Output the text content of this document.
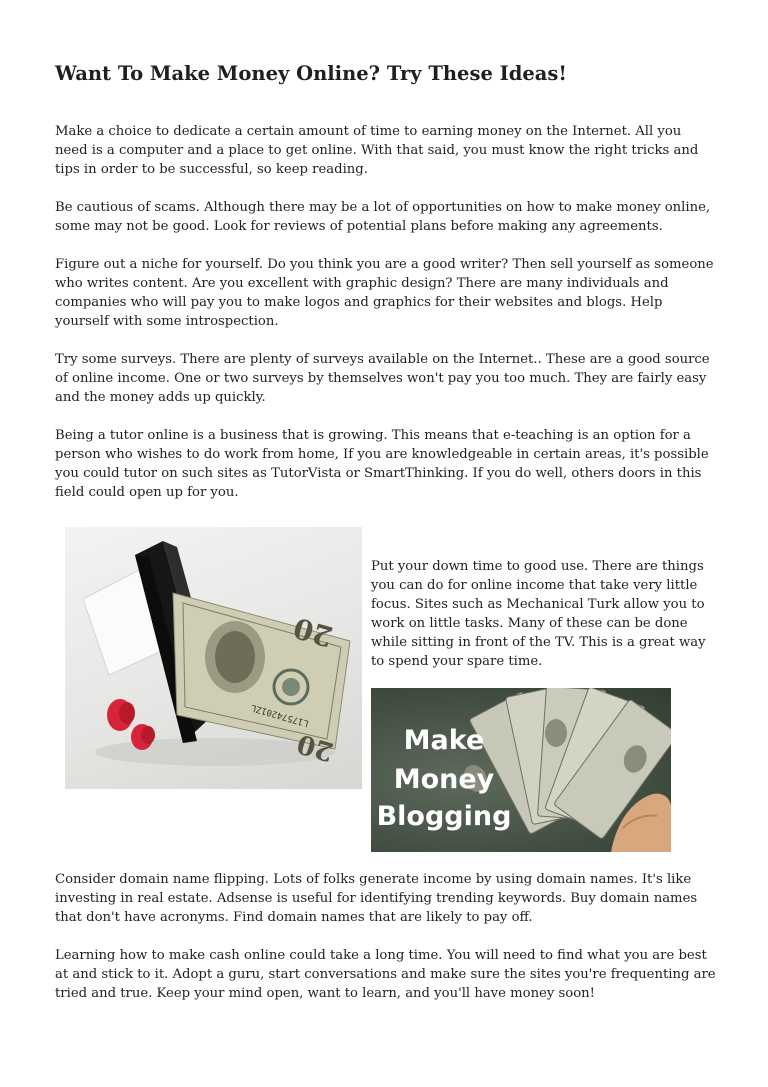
Want To Make Money Online? Try These Ideas!

Make a choice to dedicate a certain amount of time to earning money on the Internet. All you need is a computer and a place to get online. With that said, you must know the right tricks and tips in order to be successful, so keep reading.

Be cautious of scams. Although there may be a lot of opportunities on how to make money online, some may not be good. Look for reviews of potential plans before making any agreements.

Figure out a niche for yourself. Do you think you are a good writer? Then sell yourself as someone who writes content. Are you excellent with graphic design? There are many individuals and companies who will pay you to make logos and graphics for their websites and blogs. Help yourself with some introspection.

Try some surveys. There are plenty of surveys available on the Internet.. These are a good source of online income. One or two surveys by themselves won't pay you too much. They are fairly easy and the money adds up quickly.

Being a tutor online is a business that is growing. This means that e-teaching is an option for a person who wishes to do work from home, If you are knowledgeable in certain areas, it's possible you could tutor on such sites as TutorVista or SmartThinking. If you do well, others doors in this field could open up for you.

20
20
L17574201ZL

Put your down time to good use. There are things you can do for online income that take very little focus. Sites such as Mechanical Turk allow you to work on little tasks. Many of these can be done while sitting in front of the TV. This is a great way to spend your spare time.

Make
Money
Blogging

Consider domain name flipping. Lots of folks generate income by using domain names. It's like investing in real estate. Adsense is useful for identifying trending keywords. Buy domain names that don't have acronyms. Find domain names that are likely to pay off.

Learning how to make cash online could take a long time. You will need to find what you are best at and stick to it. Adopt a guru, start conversations and make sure the sites you're frequenting are tried and true. Keep your mind open, want to learn, and you'll have money soon!
